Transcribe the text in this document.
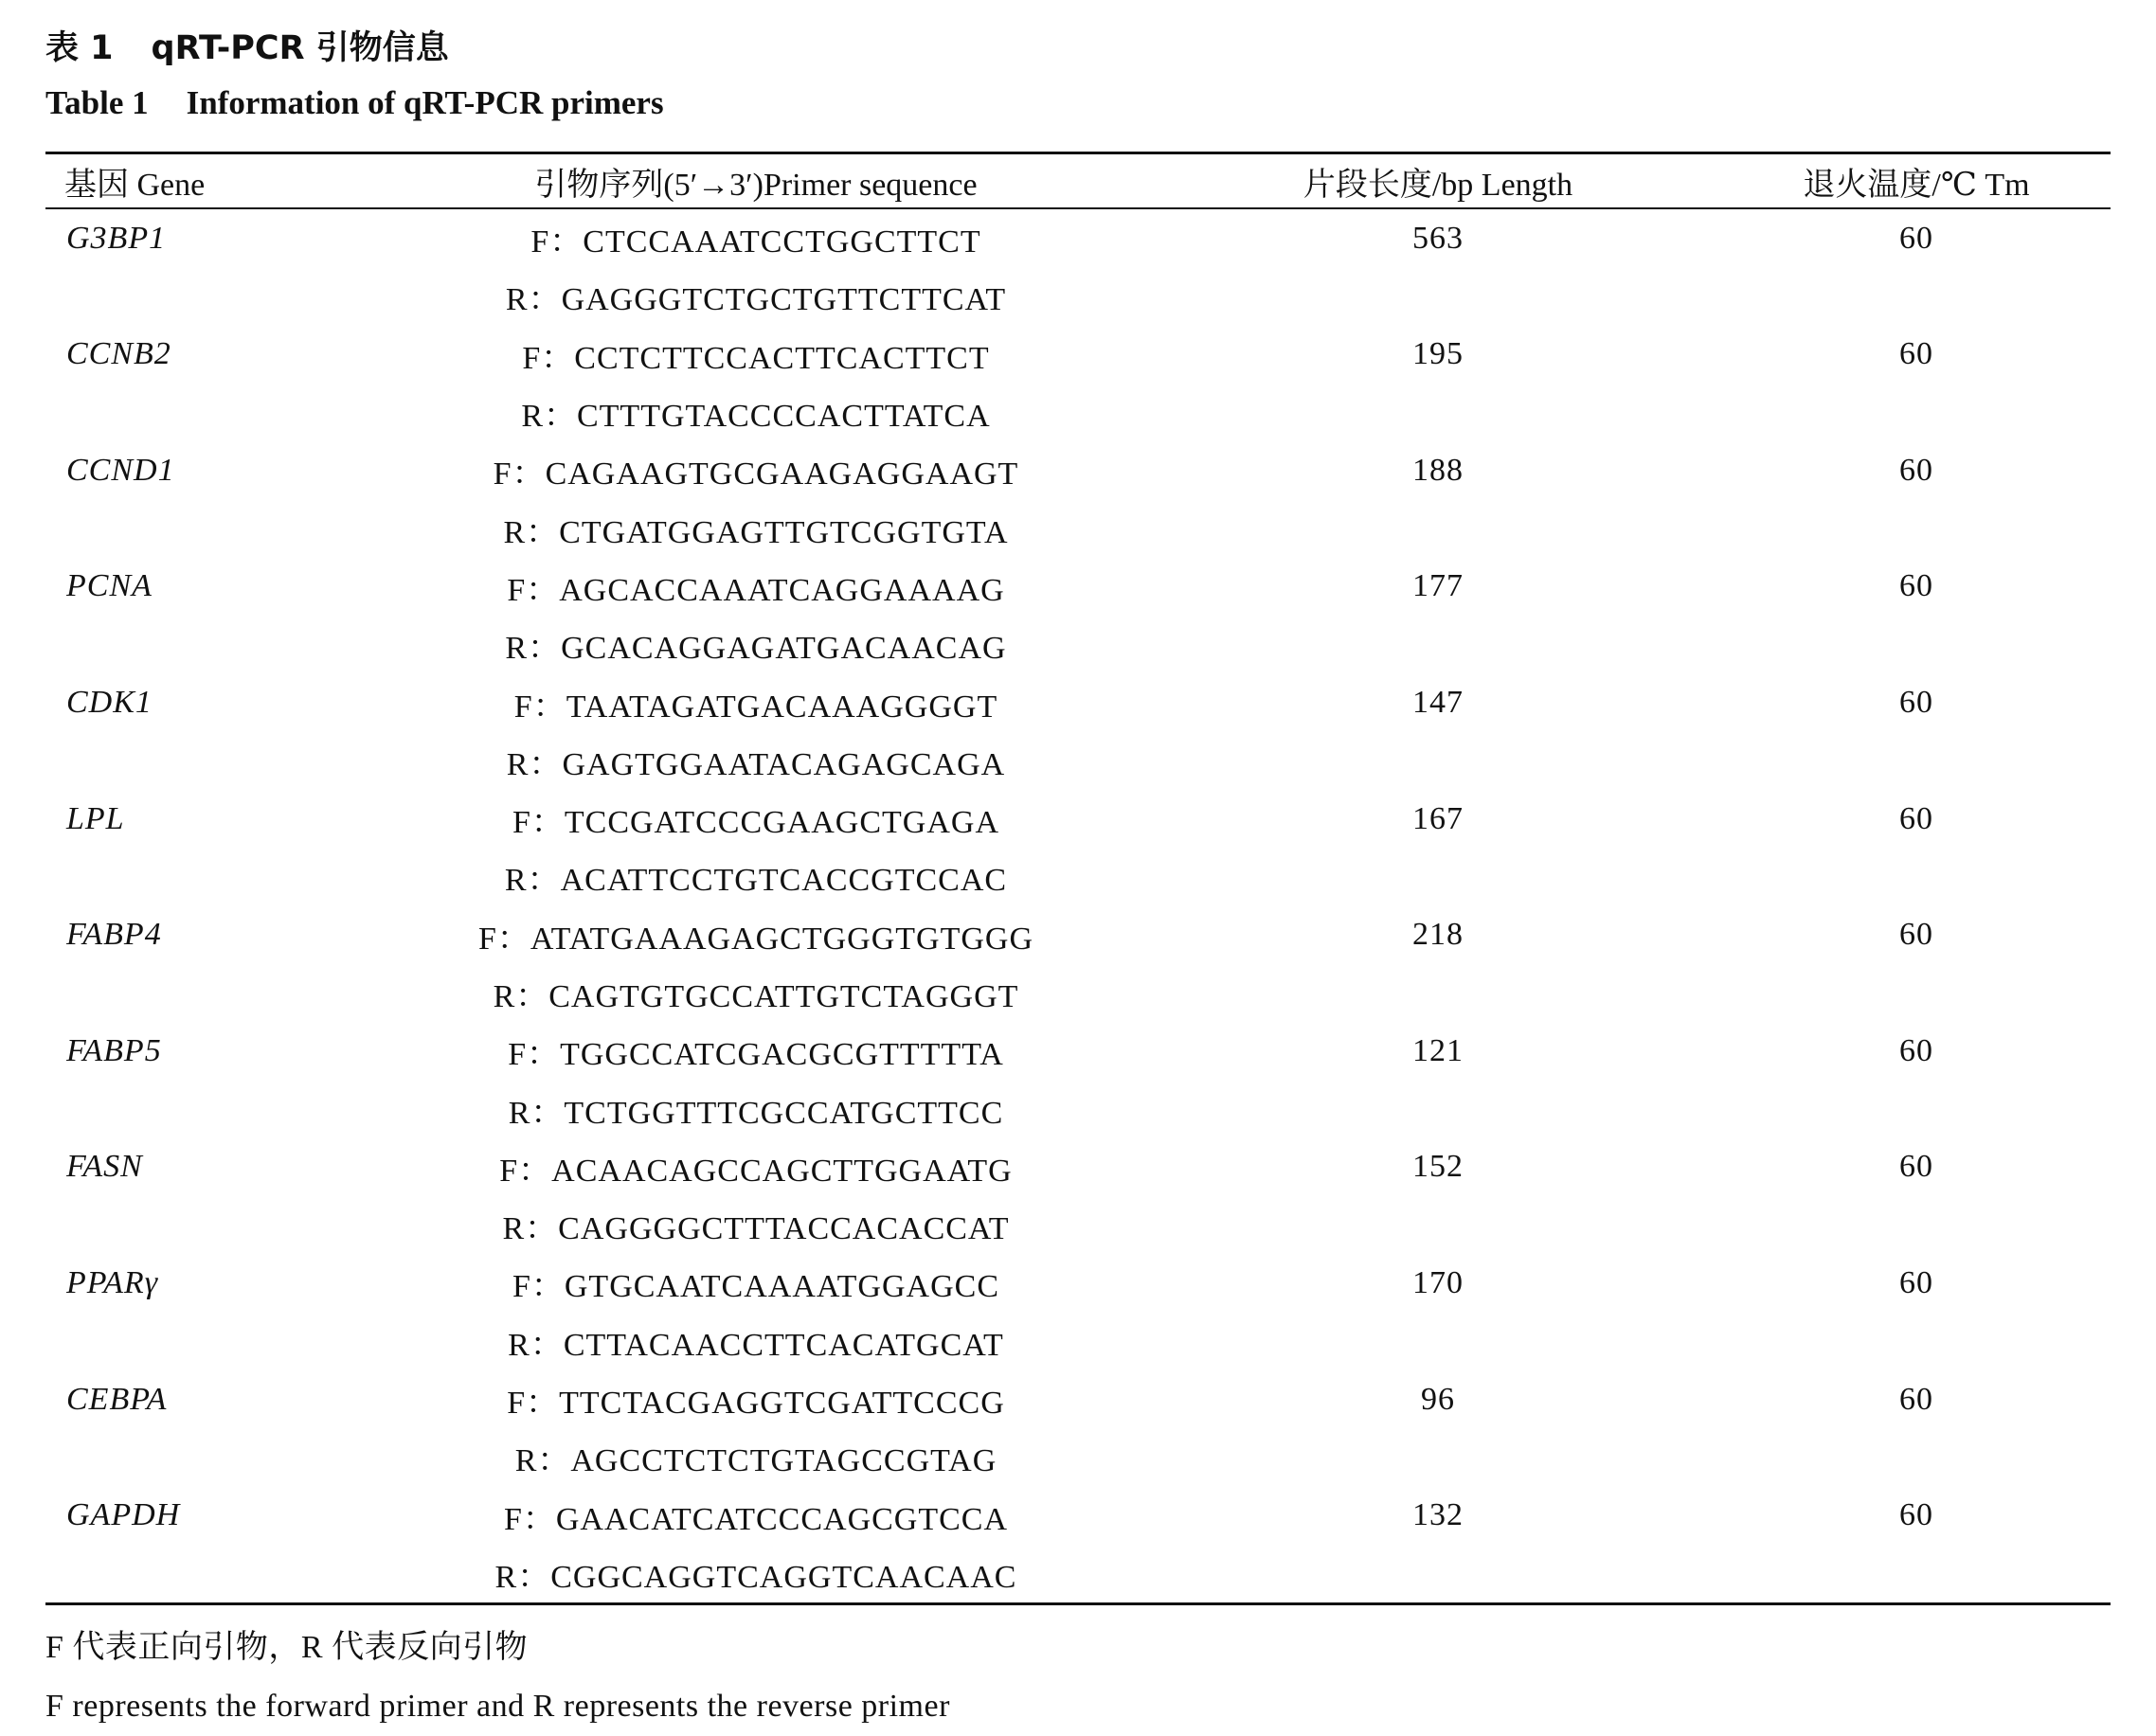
表 1 qRT-PCR 引物信息

Table 1 Information of qRT-PCR primers

基因 Gene	引物序列(5′→3′)Primer sequence	片段长度/bp Length	退火温度/℃ Tm
G3BP1	F：CTCCAAATCCTGGCTTCT	563	60
	R：GAGGGTCTGCTGTTCTTCAT		
CCNB2	F：CCTCTTCCACTTCACTTCT	195	60
	R：CTTTGTACCCCACTTATCA		
CCND1	F：CAGAAGTGCGAAGAGGAAGT	188	60
	R：CTGATGGAGTTGTCGGTGTA		
PCNA	F：AGCACCAAATCAGGAAAAG	177	60
	R：GCACAGGAGATGACAACAG		
CDK1	F：TAATAGATGACAAAGGGGT	147	60
	R：GAGTGGAATACAGAGCAGA		
LPL	F：TCCGATCCCGAAGCTGAGA	167	60
	R：ACATTCCTGTCACCGTCCAC		
FABP4	F：ATATGAAAGAGCTGGGTGTGGG	218	60
	R：CAGTGTGCCATTGTCTAGGGT		
FABP5	F：TGGCCATCGACGCGTTTTTA	121	60
	R：TCTGGTTTCGCCATGCTTCC		
FASN	F：ACAACAGCCAGCTTGGAATG	152	60
	R：CAGGGGCTTTACCACACCAT		
PPARγ	F：GTGCAATCAAAATGGAGCC	170	60
	R：CTTACAACCTTCACATGCAT		
CEBPA	F：TTCTACGAGGTCGATTCCCG	96	60
	R：AGCCTCTCTGTAGCCGTAG		
GAPDH	F：GAACATCATCCCAGCGTCCA	132	60
	R：CGGCAGGTCAGGTCAACAAC		

F 代表正向引物，R 代表反向引物

F represents the forward primer and R represents the reverse primer
